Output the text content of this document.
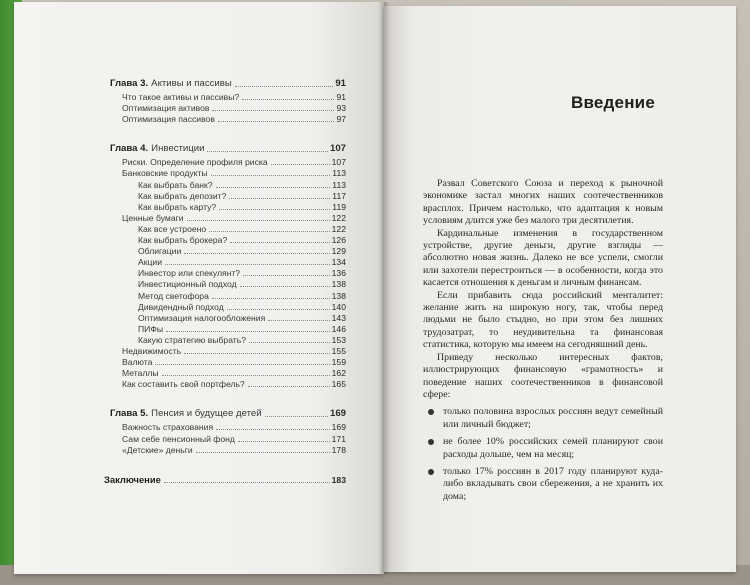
Глава 3. Активы и пассивы	91
Что такое активы и пассивы?	91
Оптимизация активов	93
Оптимизация пассивов	97
Глава 4. Инвестиции	107
Риски. Определение профиля риска	107
Банковские продукты	113
Как выбрать банк?	113
Как выбрать депозит?	117
Как выбрать карту?	119
Ценные бумаги	122
Как все устроено	122
Как выбрать брокера?	126
Облигации	129
Акции	134
Инвестор или спекулянт?	136
Инвестиционный подход	138
Метод светофора	138
Дивидендный подход	140
Оптимизация налогообложения	143
ПИФы	146
Какую стратегию выбрать?	153
Недвижимость	155
Валюта	159
Металлы	162
Как составить свой портфель?	165
Глава 5. Пенсия и будущее детей	169
Важность страхования	169
Сам себе пенсионный фонд	171
«Детские» деньги	178
Заключение	183
Введение

Развал Советского Союза и переход к рыночной экономике застал многих наших соотечественников врасплох. Причем настолько, что адаптация к новым условиям длится уже без малого три десятилетия.

Кардинальные изменения в государственном устройстве, другие деньги, другие взгляды — абсолютно новая жизнь. Далеко не все успели, смогли или захотели перестроиться — в особенности, когда это касается отношения к деньгам и личным финансам.

Если прибавить сюда российский менталитет: желание жить на широкую ногу, так, чтобы перед людьми не было стыдно, но при этом без лишних трудозатрат, то неудивительна та финансовая статистика, которую мы имеем на сегодняшний день.

Приведу несколько интересных фактов, иллюстрирующих финансовую «грамотность» и поведение наших соотечественников в финансовой сфере:

только половина взрослых россиян ведут семейный или личный бюджет;
не более 10% российских семей планируют свои расходы дольше, чем на месяц;
только 17% россиян в 2017 году планируют куда-либо вкладывать свои сбережения, а не хранить их дома;
